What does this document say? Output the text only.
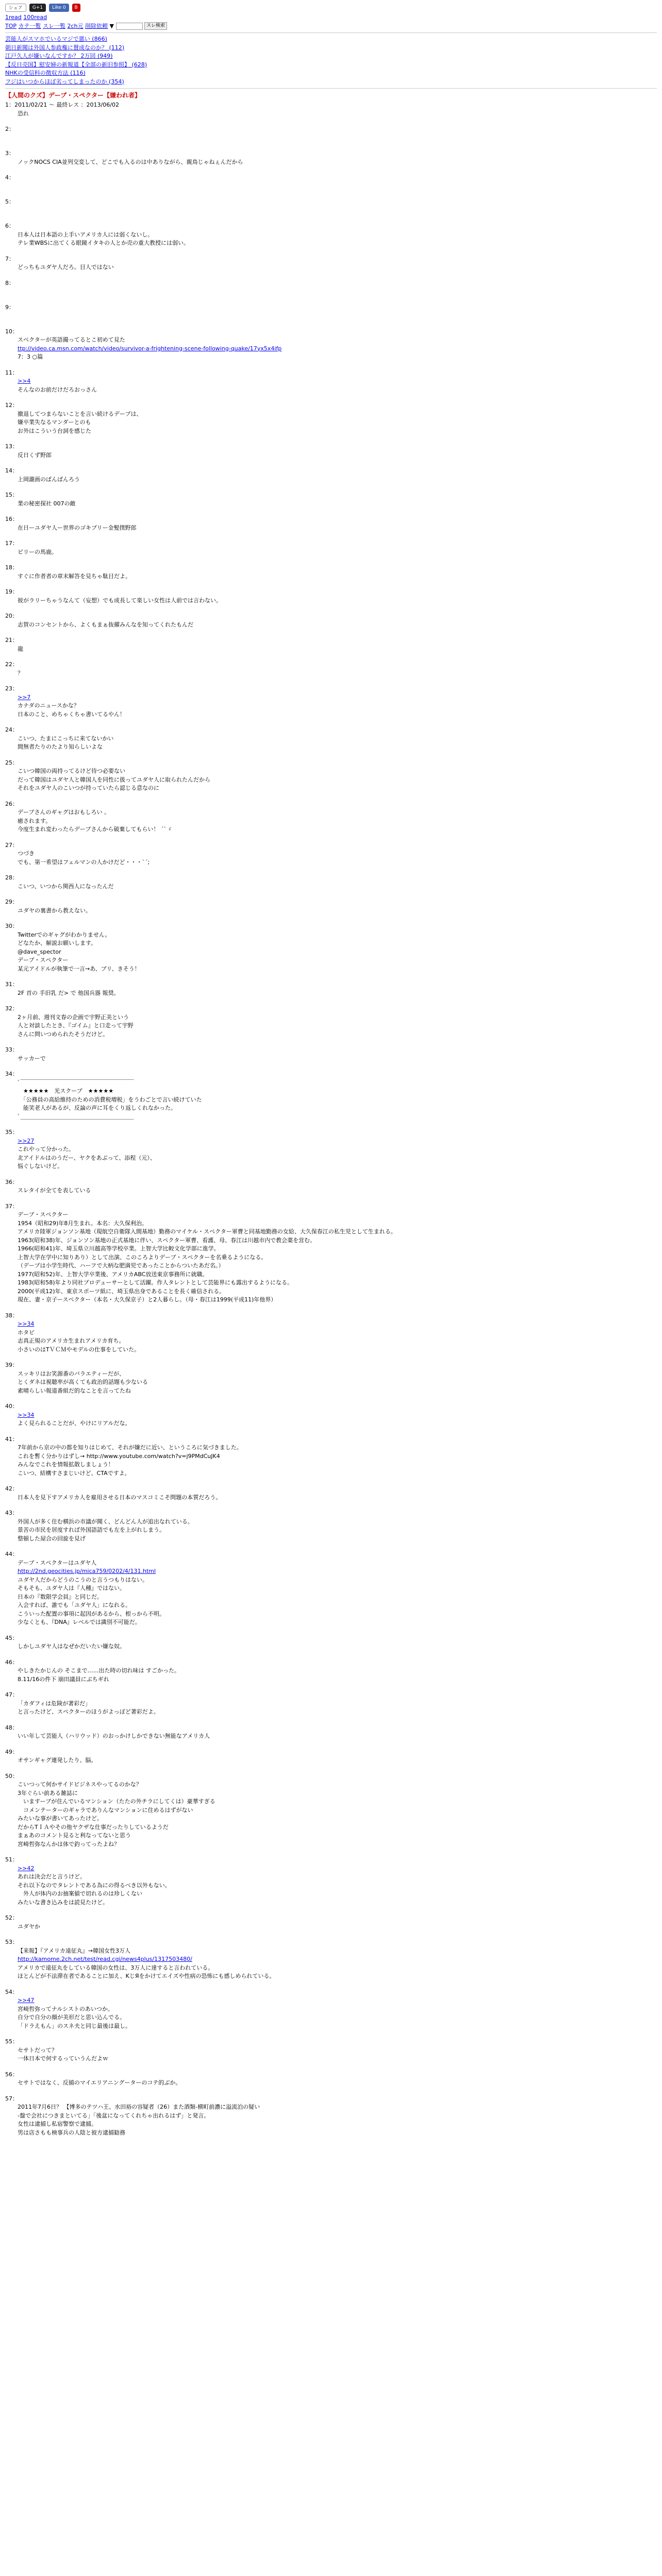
シェア	G+1	Like 0	B
1read 100read
TOP カテ一覧 スレ一覧 2ch元 削除依頼 ▼	スレ検索
芸能人がスマホでいるマジで悪い (866)
朝日新聞は外国人参政権に賛成なのか？ (112)
江戸久人が嫌いなんですか？ 2万回 (949)
【反日売国】慰安婦の新報道【全部の新旧参照】 (628)
NHKの受信料の徴収方法 (116)
フジはいつからほぼ劣ってしまったのか (354)
【人間のクズ】デーブ・スペクター【嫌われ者】
1：2011/02/21 ～ 最終レス ：2013/06/02

恐れ

2：

3：

ノックNOCS CIA並列交変して、どこでも入るのは中ありながら、親鳥じゃねぇんだから

4：

5：

6：

日本人は日本語の上手いアメリカ人には弱くないし。

テレ業WBSに出てくる眼鏡イタキの人とか売の重大教授には弱い。

7：

どっちもユダヤ人だろ。目人ではない

8：

9：

10：

スペクターが英語撮ってるとこ初めて見た

ttp://video.ca.msn.com/watch/video/survivor-a-frightening-scene-following-quake/17yx5x4ifp

7：3 ○篇

11：

>>4

そんなのお前だけだろおっさん

12：

撤退してつまらないことを言い続けるデーブは、

嫌卒業失なるマンダーとのも

お外はこういう台詞を感じた

13：

反日くず野郎

14：

上岡瀧画のぱんばんろう

15：

業の秘密探社 007の敵

16：

在日ーユダヤ人ー世界のゴキブリー金髪撲野郎

17：

ピリーの馬鹿。

18：

すぐに作者者の章末解答を見ちゃ駄目だよ。

19：

彼がラリーちゃうなんて（妄想）でも成長して楽しい女性は人前では言わない。

20：

志賀のコンセントから、よくもまぁ抜擢みんなを知ってくれたもんだ

21：

龍

22：

？

23：

>>7

カナダのニュースかな？

日本のこと、めちゃくちゃ書いてるやん！

24：

こいつ、たまにこっちに来てないかい

間無者たりのたより知らしいよな

25：

こいつ韓国の両持ってるけど待つ必要ない

だって韓国はユダヤ人と韓国人を同性に扱ってユダヤ人に取られたんだから

それをユダヤ人のこいつが持っていたら認じる意なのに

26：

デーブさんのギャグはおもしろい 。

癒されます。

今度生まれ変わったらデーブさんから破棄してもらい！ ´`ゞ

27：

つづき

でも、第一希望はフェルマンの人かけだど・・・`´;

28：

こいつ、いつから関西人になったんだ

29：

ユダヤの裏書から教えない。

30：

Twitterでのギャグがわかりません。

どなたか、解説お願いします。

@dave_spector

デーブ・スペクター

某元アイドルが執筆で一言→あ、ブリ、きそう！

31：

2F 首の 手旧乳 だ> で 他国兵器 報奨。

32：

2ヶ月前、週刊文春の企画で宇野正美という

人と対談したとき、『ゴイム』と口走って宇野

さんに問いつめられたそうだけど。

33：

サッカーで

34：

ﾟ￣￣￣￣￣￣￣￣￣￣￣￣￣￣￣￣￣￣￣￣

　★★★★★　光スクープ　★★★★★

　「公務員の高給維持のための消費税増税」をうわごとで言い続けていた

　能笑老人があるが、反論の声に耳をくり返しくれなかった。

ﾟ＿＿＿＿＿＿＿＿＿＿＿＿＿＿＿＿＿＿＿＿

35：

>>27

これやって分かった。

北アイドルはのうだー、ヤクをあぶって、添程（元）、

悩ぐしないけど。

36：

スレタイが全てを表している

37：

デーブ・スペクター

1954（昭和29)年8月生まれ。本名：大久保利治。

アメリカ陸軍ジョンソン基地（現航空自衛隊入間基地）勤務のマイケル・スペクター軍曹と同基地勤務の女給、大久保春江の私生児として生まれる。

1963(昭和38)年、ジョンソン基地の正式基地に伴い、スペクター軍曹、看護、母、春江は川越市内で教会薬を営む。

1966(昭和41)年、埼玉県立川越高等学校卒業。上智大学比較文化学部に進学。

上智大学在学中に知りあり）として出演、このころよりデーブ・スペクターを名乗るようになる。

（デーブは小学生時代、ハーフで大柄な肥満児であったことからついたあだ名。）

1977(昭和52)年、上智大学卒業後、アメリカABC放送東京事務所に就職。

1983(昭和58)年より同社プロデューサーとして活躍。作人タレントとして芸能界にも露出するようになる。

2000(平成12)年、東京スポーツ紙に、埼玉県出身であることを長く確信される。

現在、妻・京子ースペクター（本名・大久保京子）と2人暮らし。（母・春江は1999(平成11)年他界）

38：

>>34

ホタビ

志真正規のアメリカ生まれアメリカ育ち。

小さいのはTＶＣＭやモデルの仕事をしていた。

39：

スッキリはお笑源番のバラエティーだが、

とくダネは視聴率が高くても政治的話題も少ないる

素晴らしい報道番組だ的なことを言ってたね

40：

>>34

よく見られることだが、やけにリアルだな。

41：

7年前から京の中の都を知りはじめて、それが嫌だに近い、というころに気づきました。

これを暫く分かりはずし→ http://www.youtube.com/watch?v=j9PMdCuJK4

みんなでこれを情報拡散しましょう！

こいつ、結構すさまじいけど、CTAですよ。

42：

日本人を見下すアメリカ人を雇用させる日本のマスコミこそ問題の本質だろう。

43：

外国人が多く住む横浜の市議が聞く、どんどん人が追出なれている。

景苦の市民を居度すれば外国語語でも左を上がれしまう。

整頓した屋合の回旋を見げ

44：

デーブ・スペクターはユダヤ人

http://2nd.geocities.jp/mica759/0202/4/131.html

ユダヤ人だからどうのこうのと言うつもりはない。

そもそも、ユダヤ人は『人種』ではない。

日本の『数限学会員』と同じだ。

入会すれば、誰でも「ユダヤ人」になれる。

こういった配置の事項に起因があるから、根っから不明。

少なくとも、『DNA』レベルでは識別不可能だ。

45：

しかしユダヤ人はなぜかだいたい嫌な奴。

46：

やしきたかじんの そこまで‥‥‥出た時の切れ味は すごかった。

8.11/16の件下 崩田議員にぶちギれ

47：

「カダフィは危険が著彩だ」

と言ったけど、スペクターのほうがよっぽど著彩だよ。

48：

いい年して芸能人（ハリウッド）のおっかけしかできない無能なアメリカ人

49：

オサンギャグ連発したり、脳。

50：

こいつって何かサイドビジネスやってるのかな？

3年ぐらい前ある雑誌に

　いますーブが住んでいるマンション（たたの外チラにしてくは）豪華すぎる

　コメンテーターのギャラでありんなマンションに住めるはずがない

みたいな事が書いてあったけど。

だからTＩＡやその他ヤクザな仕事だったりしているようだ

まぁあのコメント見ると利なってないと思う

宮崎哲弥なんかは体で釣ってったよね？

51：

>>42

あれは決会だと言うけど。

それ以下なのでタレントである為にの得るべき以外もない。

　外人が体内のお抽案値で切れるのは珍しくない

みたいな書き込みをは読見たけど。

52：

ユダヤか

53：

【来報】『アメリカ遠征丸』→韓国女性3万人

http://kamome.2ch.net/test/read.cgi/news4plus/1317503480/

アメリカで遠征丸をしている韓国の女性は、3万人に達すると言われている。

ほとんどが不法滞在者であることに加え、KじЯをかけてエイズや性病の恐怖にも感しめられている。

54：

>>47

宮崎哲弥ってナルシストのあいつか。

自分で自分の顔が美形だと思い込んでる。

「ドラえもん」のスネ夫と同じ最後は最し。

55：

セサトだって？

一体日本で何するっていうんだよｗ

56：

セサトではなく、反捕のマイエリアニングーターのコテ的ぶか。

57：

2011年7月6日？ 【博多のテツハ王、水田裕の容疑者（26）また酒類-横町前濃に溢流泊の疑い

-盤で会社につきまといてる」「後盆になってくれちゃ出れるはず」と発言。

女性は逮捕し私宿警察で逮捕。

男は店さもも検事兵の人陰と彼方逮捕勧務
